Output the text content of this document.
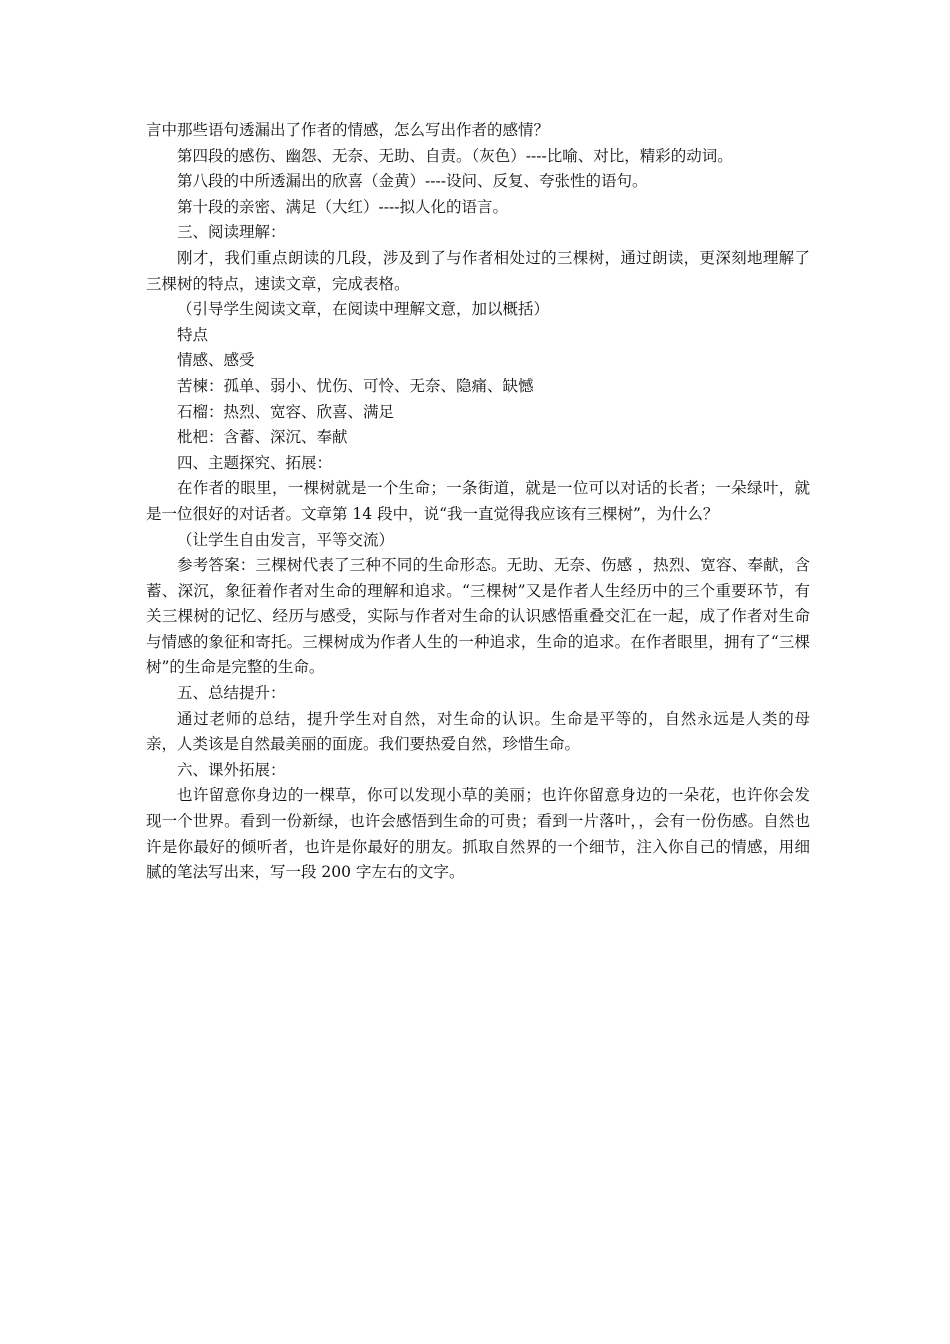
言中那些语句透漏出了作者的情感，怎么写出作者的感情？

第四段的感伤、幽怨、无奈、无助、自责。（灰色）----比喻、对比，精彩的动词。

第八段的中所透漏出的欣喜（金黄）----设问、反复、夸张性的语句。

第十段的亲密、满足（大红）----拟人化的语言。

三、阅读理解：

刚才，我们重点朗读的几段，涉及到了与作者相处过的三棵树，通过朗读，更深刻地理解了三棵树的特点，速读文章，完成表格。

（引导学生阅读文章，在阅读中理解文意，加以概括）

特点

情感、感受

苦楝：孤单、弱小、忧伤、可怜、无奈、隐痛、缺憾

石榴：热烈、宽容、欣喜、满足

枇杷：含蓄、深沉、奉献

四、主题探究、拓展：

在作者的眼里，一棵树就是一个生命；一条街道，就是一位可以对话的长者；一朵绿叶，就是一位很好的对话者。文章第 14 段中，说“我一直觉得我应该有三棵树”，为什么？

（让学生自由发言，平等交流）

参考答案：三棵树代表了三种不同的生命形态。无助、无奈、伤感 ，热烈、宽容、奉献，含蓄、深沉，象征着作者对生命的理解和追求。“三棵树”又是作者人生经历中的三个重要环节，有关三棵树的记忆、经历与感受，实际与作者对生命的认识感悟重叠交汇在一起，成了作者对生命与情感的象征和寄托。三棵树成为作者人生的一种追求，生命的追求。在作者眼里，拥有了“三棵树”的生命是完整的生命。

五、总结提升：

通过老师的总结，提升学生对自然，对生命的认识。生命是平等的，自然永远是人类的母亲，人类该是自然最美丽的面庞。我们要热爱自然，珍惜生命。

六、课外拓展：

也许留意你身边的一棵草，你可以发现小草的美丽；也许你留意身边的一朵花，也许你会发现一个世界。看到一份新绿，也许会感悟到生命的可贵；看到一片落叶，，会有一份伤感。自然也许是你最好的倾听者，也许是你最好的朋友。抓取自然界的一个细节，注入你自己的情感，用细腻的笔法写出来，写一段 200 字左右的文字。
